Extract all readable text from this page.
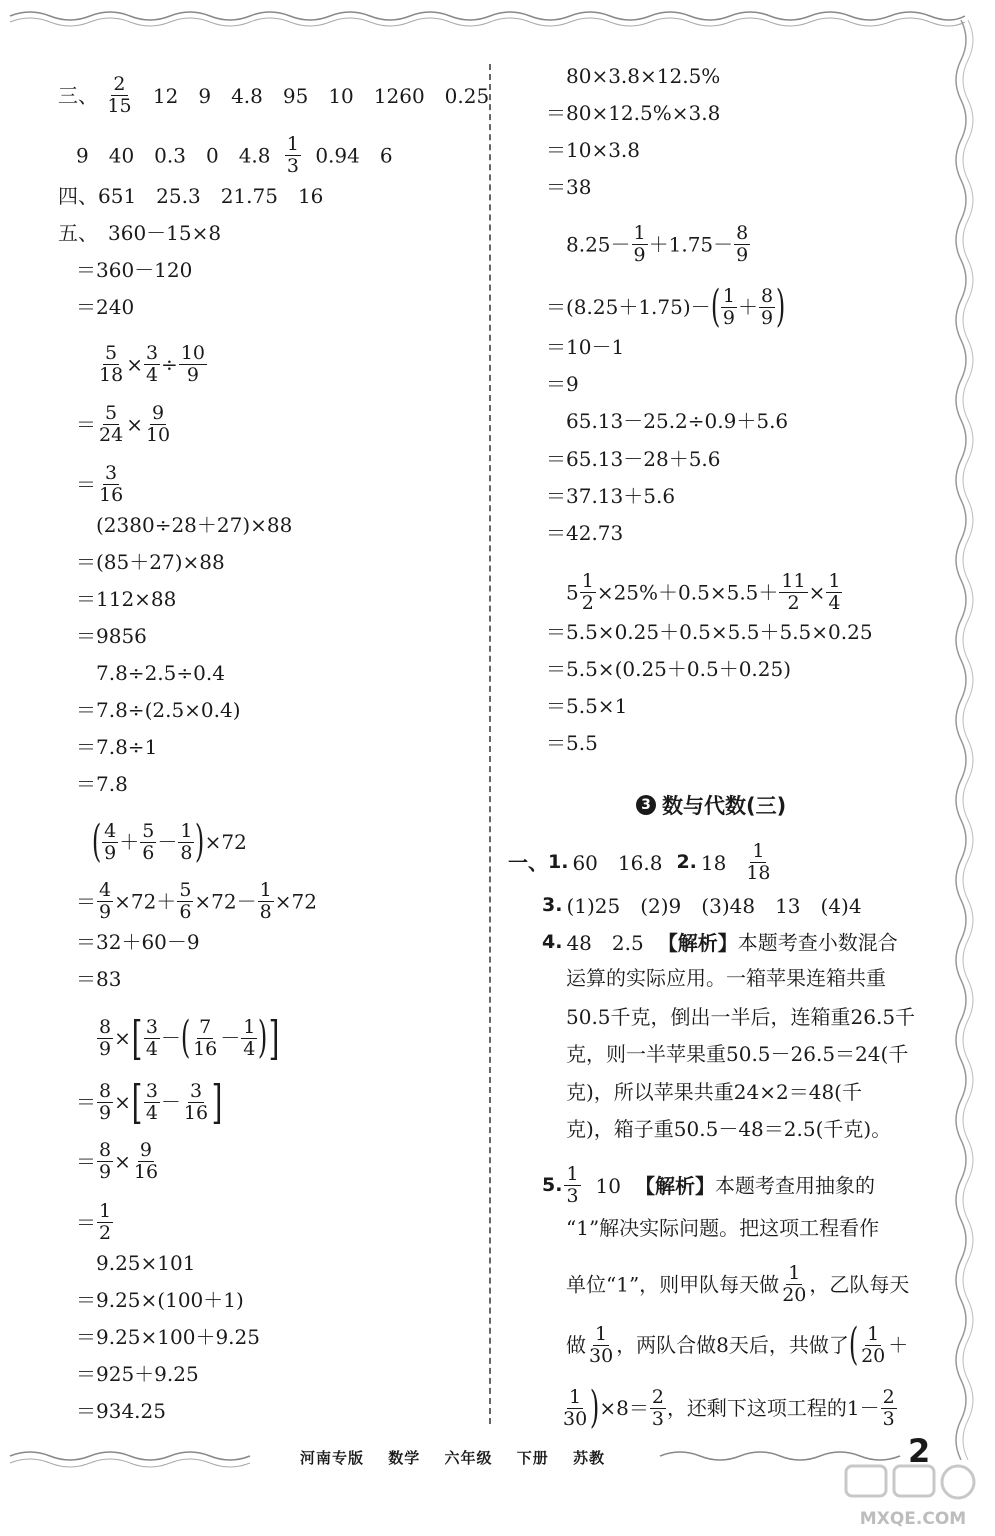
三、 $\frac{2}{15} 12$　9　4.8　95　10　1260　0.25
9　40　0.3　0　$4.8 \frac{1}{3} 0.94$　6
四、651　25.3　21.75　16
五、　360－15×8
＝360－120
＝240
$\frac{5}{18} \times \frac{3}{4} \div \frac{10}{9}$
＝ $\frac{5}{24} \times \frac{9}{10}$
＝ $\frac{3}{16}$
(2380÷28＋27)×88
＝(85＋27)×88
＝112×88
＝9856
7.8÷2.5÷0.4
＝7.8÷(2.5×0.4)
＝7.8÷1
＝7.8
( $\frac{4}{9} + \frac{5}{6} - \frac{1}{8} )\times 72$
＝ $\frac{4}{9} \times 72+ \frac{5}{6} \times 72- \frac{1}{8} \times 72$
＝32＋60－9
＝83
$\frac{8}{9}$ ×[ $\frac{3}{4}$ －( $\frac{7}{16} - \frac{1}{4}$ )]
＝ $\frac{8}{9}$ ×[ $\frac{3}{4} - \frac{3}{16}$ ]
＝ $\frac{8}{9} \times \frac{9}{16}$
＝ $\frac{1}{2}$
9.25×101
＝9.25×(100＋1)
＝9.25×100＋9.25
＝925＋9.25
＝934.25
80×3.8×12.5%
＝80×12.5%×3.8
＝10×3.8
＝38
$8.25- \frac{1}{9} +1.75- \frac{8}{9}$
$=(8.25+1.75)-( \frac{1}{9} + \frac{8}{9}$ )
＝10－1
＝9
65.13－25.2÷0.9＋5.6
＝65.13－28＋5.6
＝37.13＋5.6
＝42.73
$5 \frac{1}{2} \times 25\%+0.5\times 5.5+ \frac{11}{2} \times \frac{1}{4}$
＝5.5×0.25＋0.5×5.5＋5.5×0.25
＝5.5×(0.25＋0.5＋0.25)
＝5.5×1
＝5.5
3 数与代数(三)
一、1. 60　16.8 2. $18 \frac{1}{18}$
3. (1)25　(2)9　(3)48　13　(4)4
4. 48　2.5 【解析】本题考查小数混合
运算的实际应用。一箱苹果连箱共重
50.5千克，倒出一半后，连箱重26.5千
克，则一半苹果重50.5－26.5＝24(千
克)，所以苹果共重24×2＝48(千
克)，箱子重50.5－48＝2.5(千克)。
5. $\frac{1}{3} 10$ 【解析】本题考查用抽象的
“1”解决实际问题。把这项工程看作
单位“1”，则甲队每天做 $\frac{1}{20}$ ，乙队每天
做 $\frac{1}{30}$ ，两队合做8天后，共做了( $\frac{1}{20}$ ＋
$\frac{1}{30} )\times 8= \frac{2}{3}$ ，还剩下这项工程的$1- \frac{2}{3}$
河南专版 数学 六年级 下册 苏教	2
MXQE.COM
